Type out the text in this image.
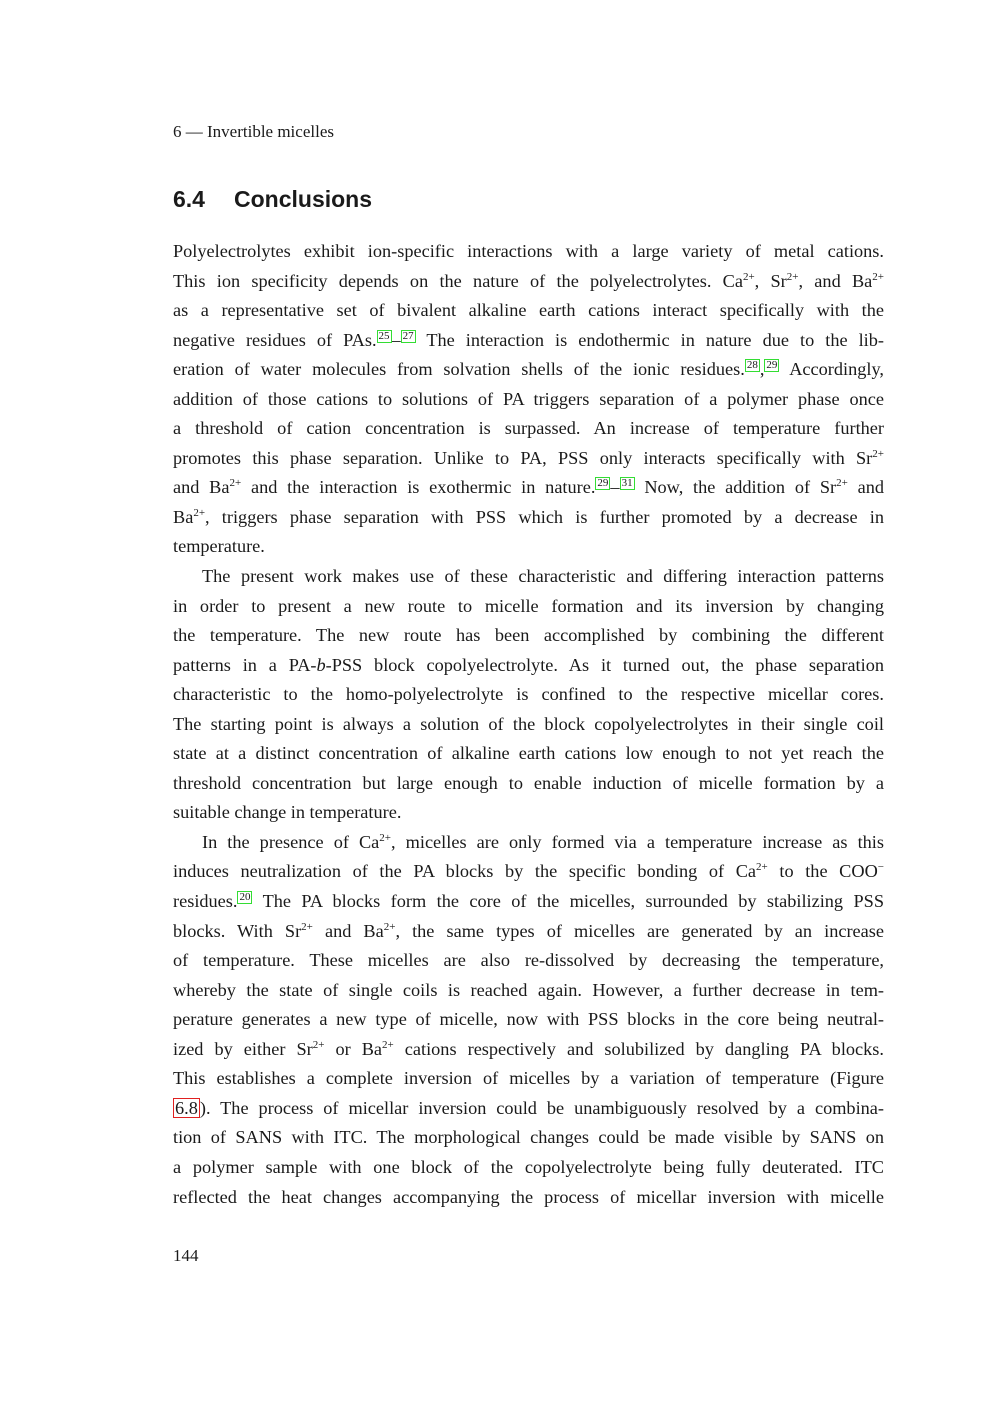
6 — Invertible micelles
6.4 Conclusions
Polyelectrolytes exhibit ion-specific interactions with a large variety of metal cations.
This ion specificity depends on the nature of the polyelectrolytes. $Ca^{2+}$, $Sr^{2+}$, and $Ba^{2+}$
as a representative set of bivalent alkaline earth cations interact specifically with the
negative residues of PAs. 25 – 27 The interaction is endothermic in nature due to the lib-
eration of water molecules from solvation shells of the ionic residues. 28 , 29 Accordingly,
addition of those cations to solutions of PA triggers separation of a polymer phase once
a threshold of cation concentration is surpassed. An increase of temperature further
promotes this phase separation. Unlike to PA, PSS only interacts specifically with $Sr^{2+}$
and $Ba^{2+}$ and the interaction is exothermic in nature. 29 – 31 Now, the addition of $Sr^{2+}$ and
$Ba^{2+}$, triggers phase separation with PSS which is further promoted by a decrease in
temperature.
The present work makes use of these characteristic and differing interaction patterns
in order to present a new route to micelle formation and its inversion by changing
the temperature. The new route has been accomplished by combining the different
patterns in a PA-b-PSS block copolyelectrolyte. As it turned out, the phase separation
characteristic to the homo-polyelectrolyte is confined to the respective micellar cores.
The starting point is always a solution of the block copolyelectrolytes in their single coil
state at a distinct concentration of alkaline earth cations low enough to not yet reach the
threshold concentration but large enough to enable induction of micelle formation by a
suitable change in temperature.
In the presence of $Ca^{2+}$, micelles are only formed via a temperature increase as this
induces neutralization of the PA blocks by the specific bonding of $Ca^{2+}$ to the COO−
residues. 20 The PA blocks form the core of the micelles, surrounded by stabilizing PSS
blocks. With $Sr^{2+}$ and $Ba^{2+}$, the same types of micelles are generated by an increase
of temperature. These micelles are also re-dissolved by decreasing the temperature,
whereby the state of single coils is reached again. However, a further decrease in tem-
perature generates a new type of micelle, now with PSS blocks in the core being neutral-
ized by either $Sr^{2+}$ or $Ba^{2+}$ cations respectively and solubilized by dangling PA blocks.
This establishes a complete inversion of micelles by a variation of temperature (Figure
6.8 ). The process of micellar inversion could be unambiguously resolved by a combina-
tion of SANS with ITC. The morphological changes could be made visible by SANS on
a polymer sample with one block of the copolyelectrolyte being fully deuterated. ITC
reflected the heat changes accompanying the process of micellar inversion with micelle
144
